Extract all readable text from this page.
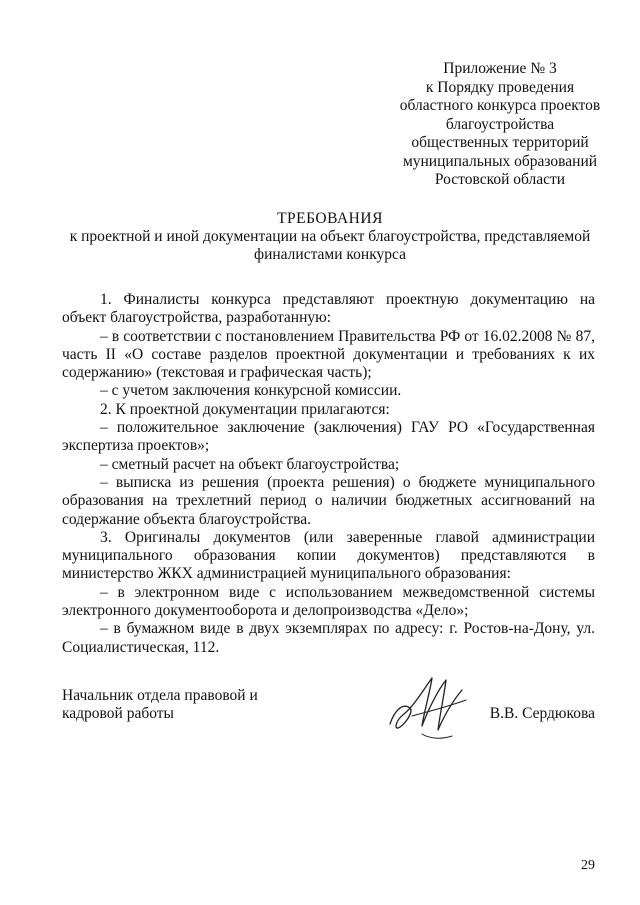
Приложение № 3
к Порядку проведения
областного конкурса проектов
благоустройства
общественных территорий
муниципальных образований
Ростовской области
ТРЕБОВАНИЯ
к проектной и иной документации на объект благоустройства, представляемой
финалистами конкурса

1. Финалисты конкурса представляют проектную документацию на объект благоустройства, разработанную:

– в соответствии с постановлением Правительства РФ от 16.02.2008 № 87, часть II «О составе разделов проектной документации и требованиях к их содержанию» (текстовая и графическая часть);

– с учетом заключения конкурсной комиссии.

2. К проектной документации прилагаются:

– положительное заключение (заключения) ГАУ РО «Государственная экспертиза проектов»;

– сметный расчет на объект благоустройства;

– выписка из решения (проекта решения) о бюджете муниципального образования на трехлетний период о наличии бюджетных ассигнований на содержание объекта благоустройства.

3. Оригиналы документов (или заверенные главой администрации муниципального образования копии документов) представляются в министерство ЖКХ администрацией муниципального образования:

– в электронном виде с использованием межведомственной системы электронного документооборота и делопроизводства «Дело»;

– в бумажном виде в двух экземплярах по адресу: г. Ростов-на-Дону, ул. Социалистическая, 112.

Начальник отдела правовой и
кадровой работы	В.В. Сердюкова
29
